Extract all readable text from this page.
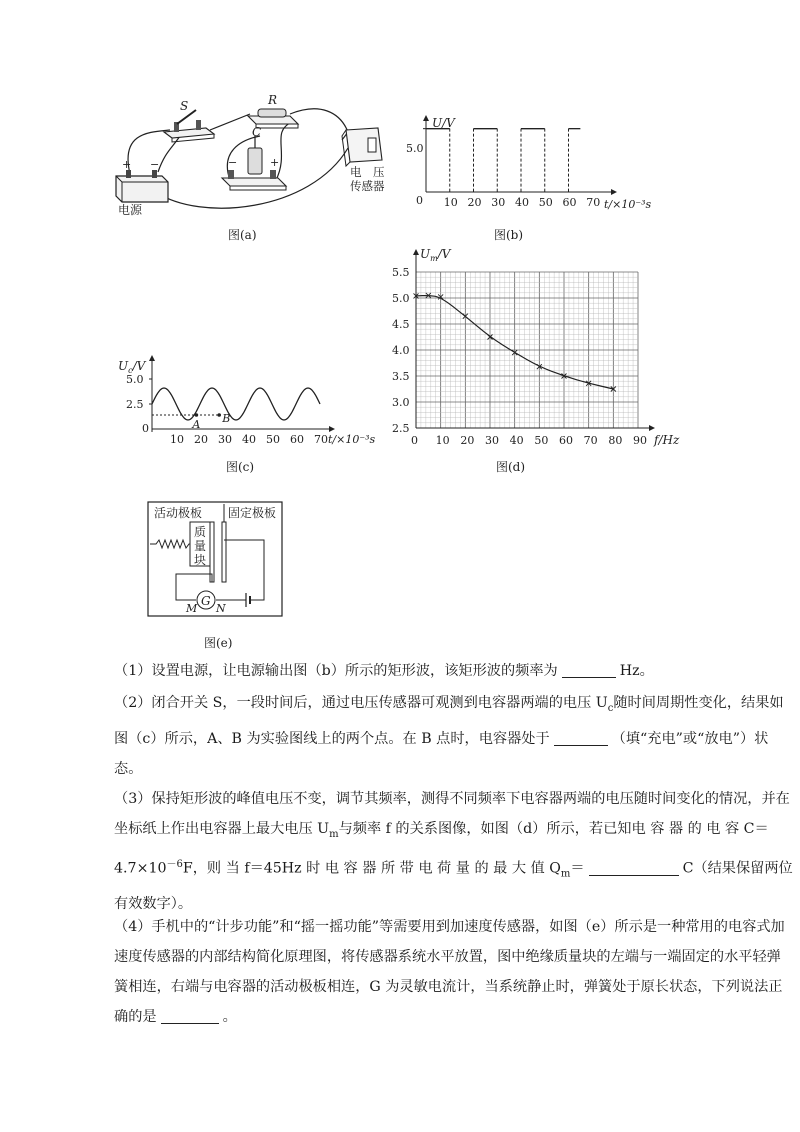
+ −
电源
S	R
C
−	+
电　压
传感器
图(a)
10 20 30 40 50 60 70
U/V
0
5.0
t/×10⁻³s
图(b)
5.0
2.5
10 20 30 40 50 60 70
A B
$U_c/V$
0
t/×10⁻³s
图(c)
5.5
5.0
4.5
4.0
3.5
3.0
2.5
0 10 20 30 40 50 60 70 80 90
$U_m/V$
f/Hz
图(d)
活动极板 固定极板
质
量
块
G
M N
图(e)
（1）设置电源，让电源输出图（b）所示的矩形波，该矩形波的频率为	Hz。
（2）闭合开关 S，一段时间后，通过电压传感器可观测到电容器两端的电压 $U_c$随时间周期性变化，结果如图（c）所示，A、B 为实验图线上的两个点。在 B 点时，电容器处于	（填“充电”或“放电”）状态。
（3）保持矩形波的峰值电压不变，调节其频率，测得不同频率下电容器两端的电压随时间变化的情况，并在坐标纸上作出电容器上最大电压 $U_m$与频率 f 的关系图像，如图（d）所示，若已知电 容 器 的 电 容 $C=4.7\times 10^{-6}F$，则 当 f＝45Hz 时 电 容 器 所 带 电 荷 量 的 最 大 值 $Q_m=$	C（结果保留两位有效数字）。
（4）手机中的“计步功能”和“摇一摇功能”等需要用到加速度传感器，如图（e）所示是一种常用的电容式加速度传感器的内部结构简化原理图，将传感器系统水平放置，图中绝缘质量块的左端与一端固定的水平轻弹簧相连，右端与电容器的活动极板相连，G 为灵敏电流计，当系统静止时，弹簧处于原长状态，下列说法正确的是	。
